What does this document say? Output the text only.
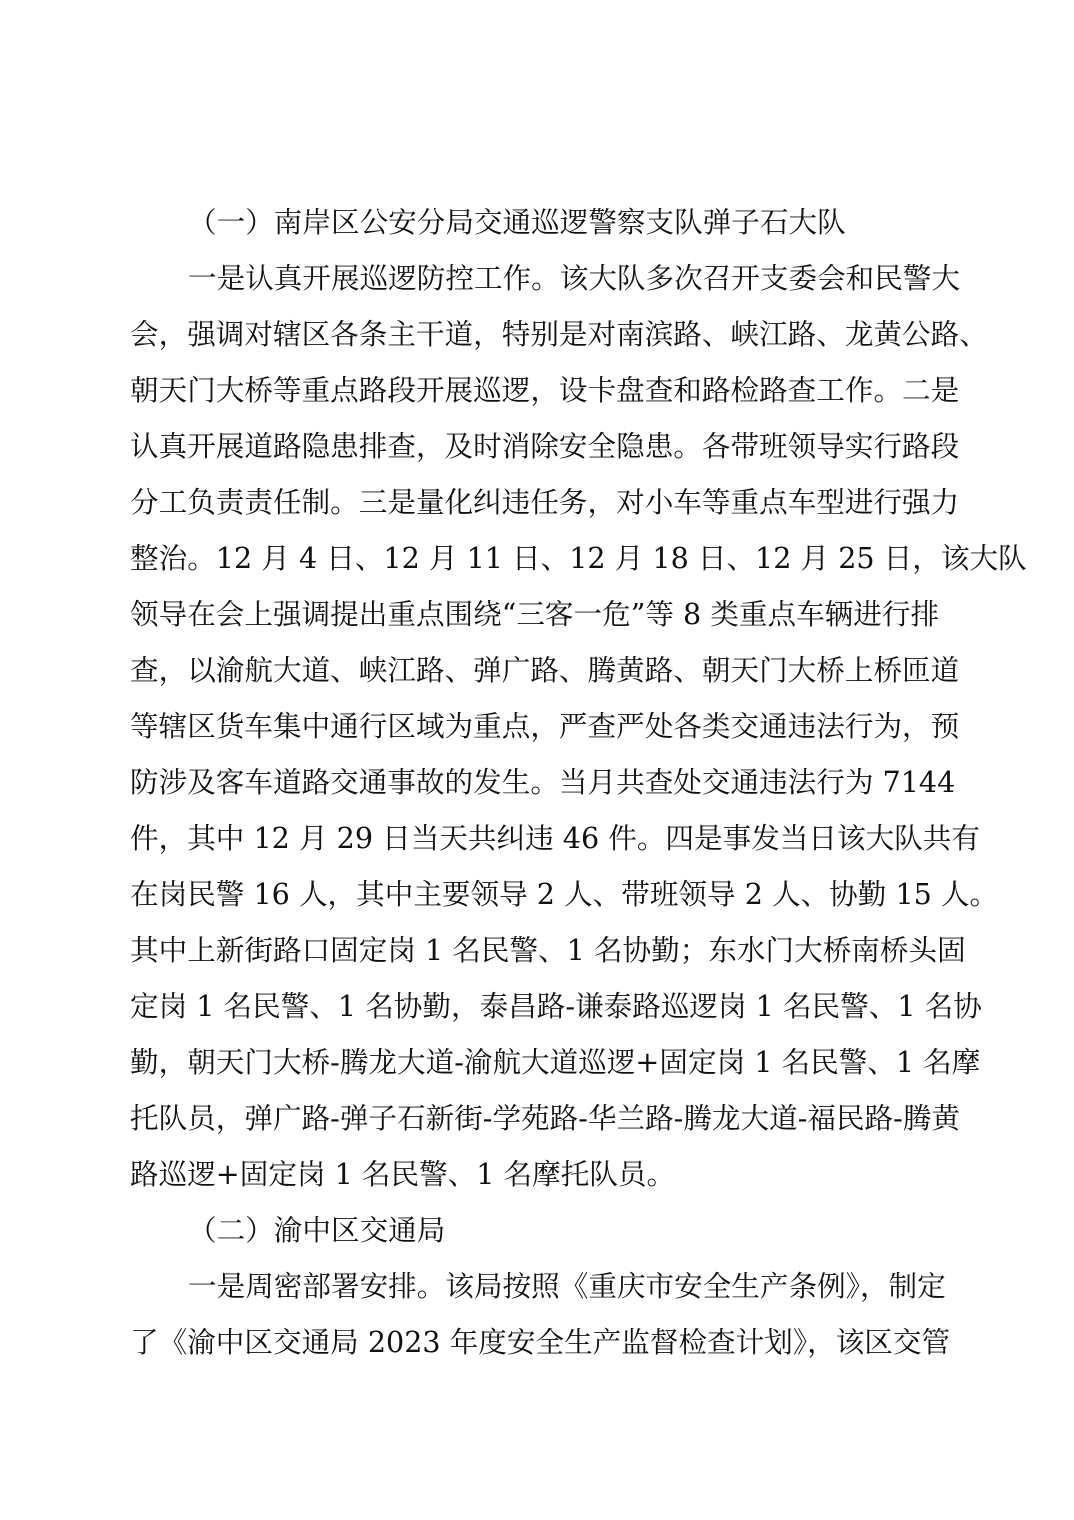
（一）南岸区公安分局交通巡逻警察支队弹子石大队
一是认真开展巡逻防控工作。该大队多次召开支委会和民警大
会，强调对辖区各条主干道，特别是对南滨路、峡江路、龙黄公路、
朝天门大桥等重点路段开展巡逻，设卡盘查和路检路查工作。二是
认真开展道路隐患排查，及时消除安全隐患。各带班领导实行路段
分工负责责任制。三是量化纠违任务，对小车等重点车型进行强力
整治。12 月 4 日、12 月 11 日、12 月 18 日、12 月 25 日，该大队
领导在会上强调提出重点围绕“三客一危”等 8 类重点车辆进行排
查，以渝航大道、峡江路、弹广路、腾黄路、朝天门大桥上桥匝道
等辖区货车集中通行区域为重点，严查严处各类交通违法行为，预
防涉及客车道路交通事故的发生。当月共查处交通违法行为 7144
件，其中 12 月 29 日当天共纠违 46 件。四是事发当日该大队共有
在岗民警 16 人，其中主要领导 2 人、带班领导 2 人、协勤 15 人。
其中上新街路口固定岗 1 名民警、1 名协勤；东水门大桥南桥头固
定岗 1 名民警、1 名协勤，泰昌路-谦泰路巡逻岗 1 名民警、1 名协
勤，朝天门大桥-腾龙大道-渝航大道巡逻+固定岗 1 名民警、1 名摩
托队员，弹广路-弹子石新街-学苑路-华兰路-腾龙大道-福民路-腾黄
路巡逻+固定岗 1 名民警、1 名摩托队员。
（二）渝中区交通局
一是周密部署安排。该局按照《重庆市安全生产条例》，制定
了《渝中区交通局 2023 年度安全生产监督检查计划》，该区交管
